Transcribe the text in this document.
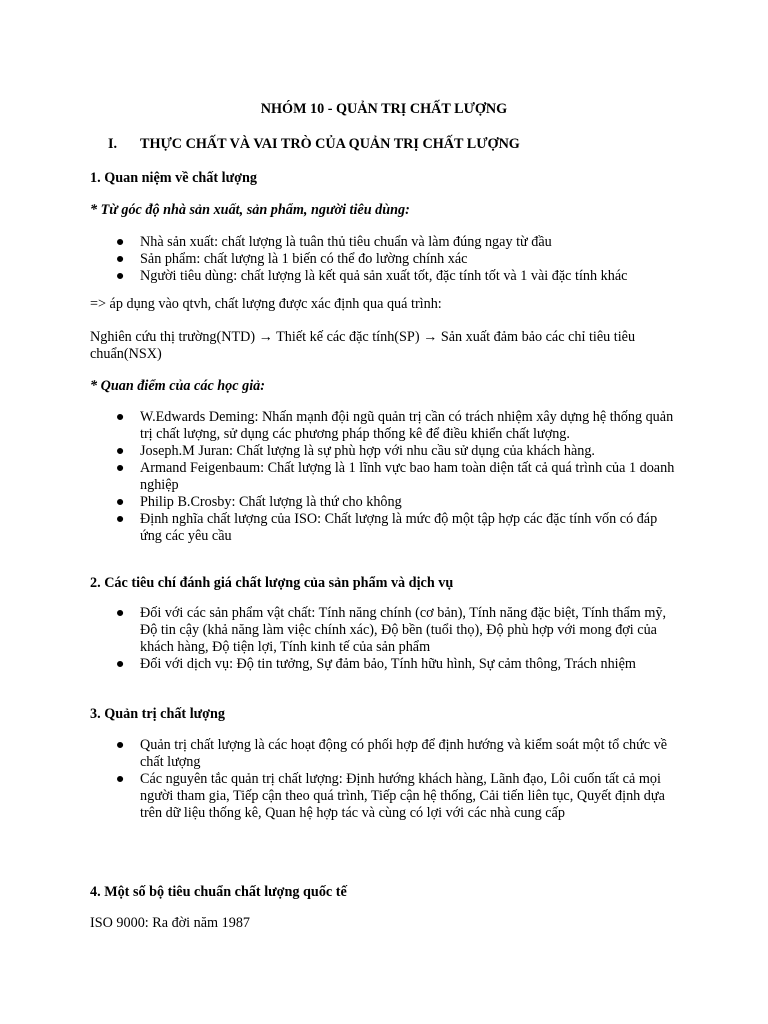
NHÓM 10 - QUẢN TRỊ CHẤT LƯỢNG
I. THỰC CHẤT VÀ VAI TRÒ CỦA QUẢN TRỊ CHẤT LƯỢNG
1. Quan niệm về chất lượng
* Từ góc độ nhà sản xuất, sản phẩm, người tiêu dùng:
● Nhà sản xuất: chất lượng là tuân thủ tiêu chuẩn và làm đúng ngay từ đầu
● Sản phẩm: chất lượng là 1 biến có thể đo lường chính xác
● Người tiêu dùng: chất lượng là kết quả sản xuất tốt, đặc tính tốt và 1 vài đặc tính khác
=> áp dụng vào qtvh, chất lượng được xác định qua quá trình:
Nghiên cứu thị trường(NTD) → Thiết kế các đặc tính(SP) → Sản xuất đảm bảo các chỉ tiêu tiêu chuẩn(NSX)
* Quan điểm của các học giả:
● W.Edwards Deming: Nhấn mạnh đội ngũ quản trị cần có trách nhiệm xây dựng hệ thống quản trị chất lượng, sử dụng các phương pháp thống kê để điều khiển chất lượng.
● Joseph.M Juran: Chất lượng là sự phù hợp với nhu cầu sử dụng của khách hàng.
● Armand Feigenbaum: Chất lượng là 1 lĩnh vực bao ham toàn diện tất cả quá trình của 1 doanh nghiệp
● Philip B.Crosby: Chất lượng là thứ cho không
● Định nghĩa chất lượng của ISO: Chất lượng là mức độ một tập hợp các đặc tính vốn có đáp ứng các yêu cầu
2. Các tiêu chí đánh giá chất lượng của sản phẩm và dịch vụ
● Đối với các sản phẩm vật chất: Tính năng chính (cơ bản), Tính năng đặc biệt, Tính thẩm mỹ, Độ tin cậy (khả năng làm việc chính xác), Độ bền (tuổi thọ), Độ phù hợp với mong đợi của khách hàng, Độ tiện lợi, Tính kinh tế của sản phẩm
● Đối với dịch vụ: Độ tin tưởng, Sự đảm bảo, Tính hữu hình, Sự cảm thông, Trách nhiệm
3. Quản trị chất lượng
● Quản trị chất lượng là các hoạt động có phối hợp để định hướng và kiểm soát một tổ chức về chất lượng
● Các nguyên tắc quản trị chất lượng: Định hướng khách hàng, Lãnh đạo, Lôi cuốn tất cả mọi người tham gia, Tiếp cận theo quá trình, Tiếp cận hệ thống, Cải tiến liên tục, Quyết định dựa trên dữ liệu thống kê, Quan hệ hợp tác và cùng có lợi với các nhà cung cấp
4. Một số bộ tiêu chuẩn chất lượng quốc tế
ISO 9000: Ra đời năm 1987
